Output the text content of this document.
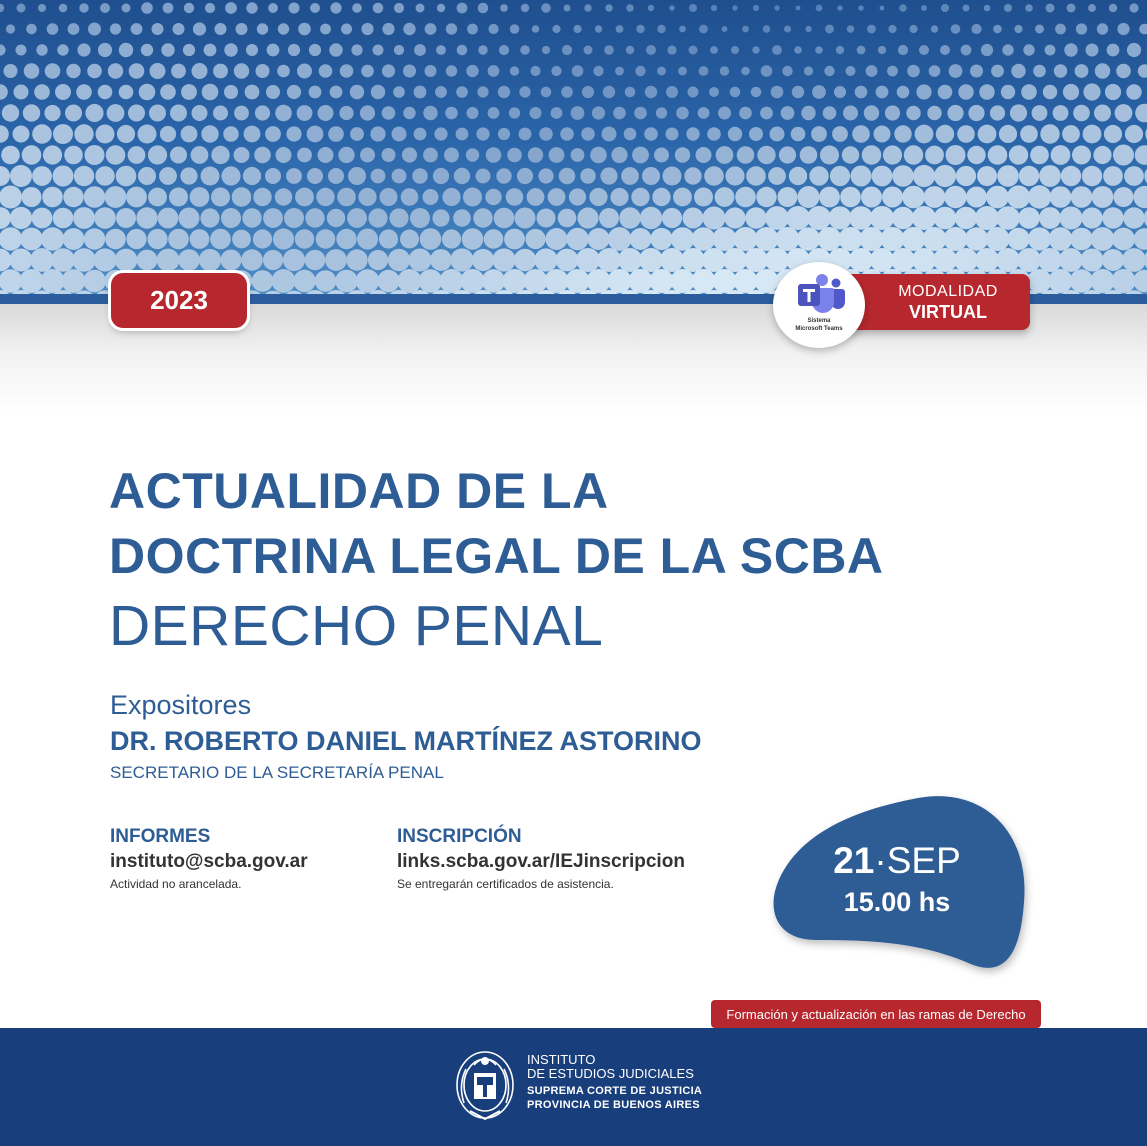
2023	MODALIDAD
VIRTUAL
Sistema
Microsoft Teams
ACTUALIDAD DE LA
DOCTRINA LEGAL DE LA SCBA
DERECHO PENAL
Expositores
DR. ROBERTO DANIEL MARTÍNEZ ASTORINO
SECRETARIO DE LA SECRETARÍA PENAL
INFORMES
instituto@scba.gov.ar
Actividad no arancelada.
INSCRIPCIÓN
links.scba.gov.ar/IEJinscripcion
Se entregarán certificados de asistencia.
21·SEP
15.00 hs
Formación y actualización en las ramas de Derecho
INSTITUTO
DE ESTUDIOS JUDICIALES
SUPREMA CORTE DE JUSTICIA
PROVINCIA DE BUENOS AIRES
